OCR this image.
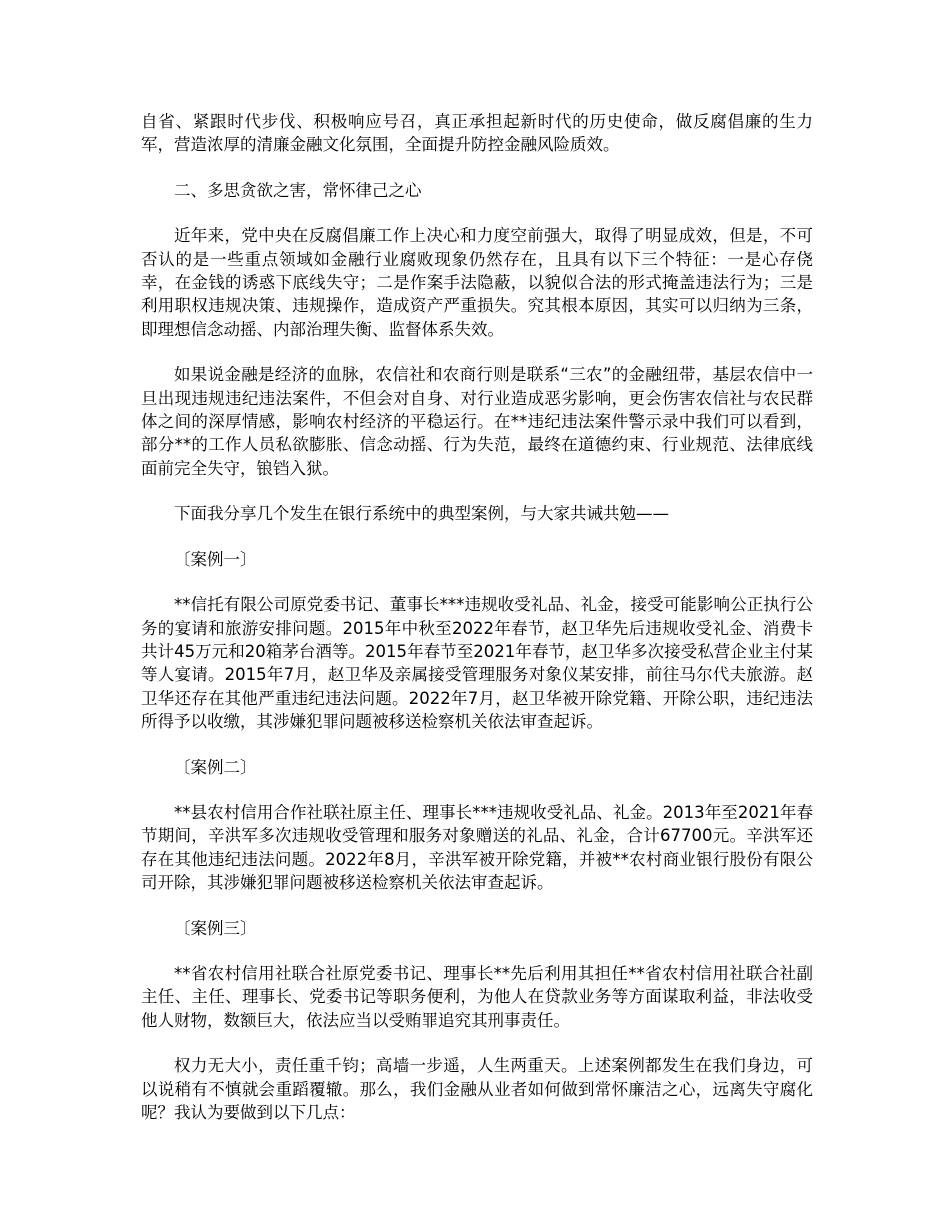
自省、紧跟时代步伐、积极响应号召，真正承担起新时代的历史使命，做反腐倡廉的生力军，营造浓厚的清廉金融文化氛围，全面提升防控金融风险质效。

二、多思贪欲之害，常怀律己之心

近年来，党中央在反腐倡廉工作上决心和力度空前强大，取得了明显成效，但是，不可否认的是一些重点领域如金融行业腐败现象仍然存在，且具有以下三个特征：一是心存侥幸，在金钱的诱惑下底线失守；二是作案手法隐蔽，以貌似合法的形式掩盖违法行为；三是利用职权违规决策、违规操作，造成资产严重损失。究其根本原因，其实可以归纳为三条，即理想信念动摇、内部治理失衡、监督体系失效。

如果说金融是经济的血脉，农信社和农商行则是联系“三农”的金融纽带，基层农信中一旦出现违规违纪违法案件，不但会对自身、对行业造成恶劣影响，更会伤害农信社与农民群体之间的深厚情感，影响农村经济的平稳运行。在**违纪违法案件警示录中我们可以看到，部分**的工作人员私欲膨胀、信念动摇、行为失范，最终在道德约束、行业规范、法律底线面前完全失守，锒铛入狱。

下面我分享几个发生在银行系统中的典型案例，与大家共诫共勉——

〔案例一〕

**信托有限公司原党委书记、董事长***违规收受礼品、礼金，接受可能影响公正执行公务的宴请和旅游安排问题。2015年中秋至2022年春节，赵卫华先后违规收受礼金、消费卡共计45万元和20箱茅台酒等。2015年春节至2021年春节，赵卫华多次接受私营企业主付某等人宴请。2015年7月，赵卫华及亲属接受管理服务对象仪某安排，前往马尔代夫旅游。赵卫华还存在其他严重违纪违法问题。2022年7月，赵卫华被开除党籍、开除公职，违纪违法所得予以收缴，其涉嫌犯罪问题被移送检察机关依法审查起诉。

〔案例二〕

**县农村信用合作社联社原主任、理事长***违规收受礼品、礼金。2013年至2021年春节期间，辛洪军多次违规收受管理和服务对象赠送的礼品、礼金，合计67700元。辛洪军还存在其他违纪违法问题。2022年8月，辛洪军被开除党籍，并被**农村商业银行股份有限公司开除，其涉嫌犯罪问题被移送检察机关依法审查起诉。

〔案例三〕

**省农村信用社联合社原党委书记、理事长**先后利用其担任**省农村信用社联合社副主任、主任、理事长、党委书记等职务便利，为他人在贷款业务等方面谋取利益，非法收受他人财物，数额巨大，依法应当以受贿罪追究其刑事责任。

权力无大小，责任重千钧；高墙一步遥，人生两重天。上述案例都发生在我们身边，可以说稍有不慎就会重蹈覆辙。那么，我们金融从业者如何做到常怀廉洁之心，远离失守腐化呢？我认为要做到以下几点：
